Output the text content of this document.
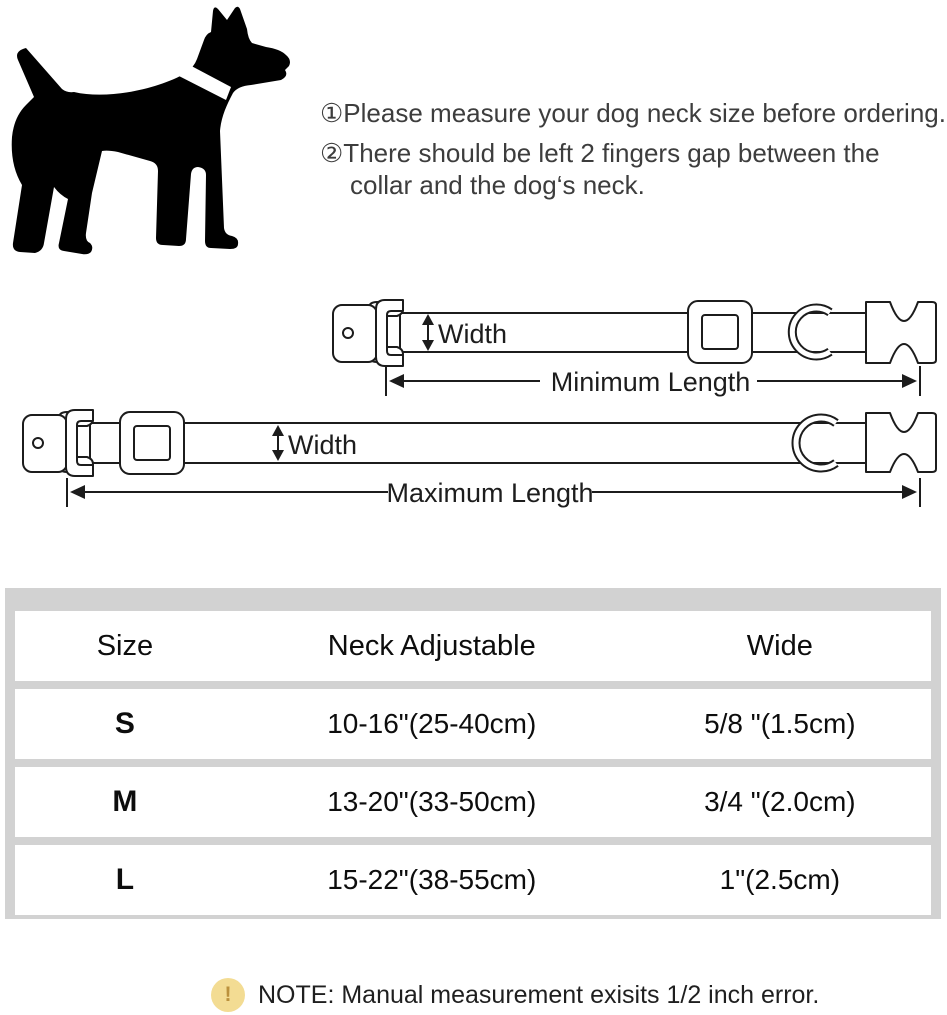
①Please measure your dog neck size before ordering.
②There should be left 2 fingers gap between the
collar and the dog‘s neck.
Width
Minimum Length
Width
Maximum Length
Size	Neck Adjustable	Wide
S	10-16"(25-40cm)	5/8 "(1.5cm)
M	13-20"(33-50cm)	3/4 "(2.0cm)
L	15-22"(38-55cm)	1"(2.5cm)
!	NOTE: Manual measurement exisits 1/2 inch error.
